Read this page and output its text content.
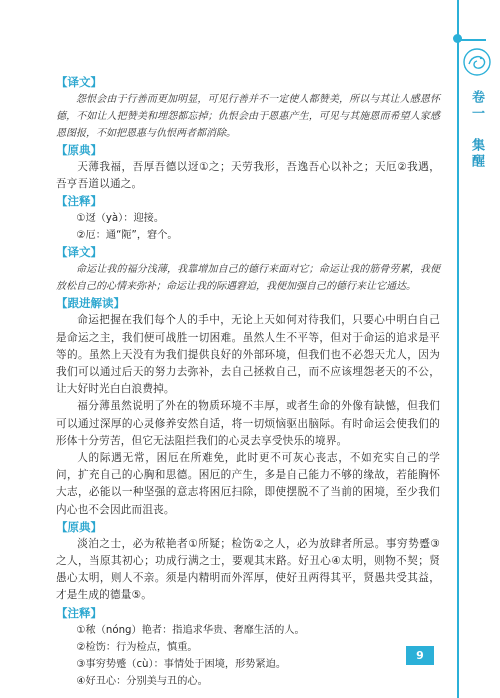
卷一　集醒

【译文】

怨恨会由于行善而更加明显，可见行善并不一定使人都赞美，所以与其让人感恩怀德，不如让人把赞美和埋怨都忘掉；仇恨会由于恩惠产生，可见与其施恩而希望人家感恩图报，不如把恩惠与仇恨两者都消除。

【原典】

天薄我福，吾厚吾德以迓①之；天劳我形，吾逸吾心以补之；天厄②我遇，吾亨吾道以通之。

【注释】

①迓（yà）：迎接。

②厄：通“阨”，窘个。

【译文】

命运让我的福分浅薄，我靠增加自己的德行来面对它；命运让我的筋骨劳累，我便放松自己的心情来弥补；命运让我的际遇窘迫，我便加强自己的德行来让它通达。

【跟进解读】

命运把握在我们每个人的手中，无论上天如何对待我们，只要心中明白自己是命运之主，我们便可战胜一切困难。虽然人生不平等，但对于命运的追求是平等的。虽然上天没有为我们提供良好的外部环境，但我们也不必怨天尤人，因为我们可以通过后天的努力去弥补，去自己拯救自己，而不应该埋怨老天的不公，让大好时光白白浪费掉。

福分薄虽然说明了外在的物质环境不丰厚，或者生命的外像有缺憾，但我们可以通过深厚的心灵修养安然自适，将一切烦恼驱出脑际。有时命运会使我们的形体十分劳苦，但它无法阻拦我们的心灵去享受快乐的境界。

人的际遇无常，困厄在所难免，此时更不可灰心丧志，不如充实自己的学问，扩充自己的心胸和思德。困厄的产生，多是自己能力不够的缘故，若能胸怀大志，必能以一种坚强的意志将困厄扫除，即使摆脱不了当前的困境，至少我们内心也不会因此而沮丧。

【原典】

淡泊之士，必为秾艳者①所疑；检饬②之人，必为放肆者所忌。事穷势蹙③之人，当原其初心；功成行满之士，要观其末路。好丑心④太明，则物不契；贤愚心太明，则人不亲。须是内精明而外浑厚，使好丑两得其平，贤愚共受其益，才是生成的德量⑤。

【注释】

①秾（nóng）艳者：指追求华贵、奢靡生活的人。

②检饬：行为检点，慎重。

③事穷势蹙（cù）：事情处于困境，形势紧迫。

④好丑心：分别美与丑的心。

9
